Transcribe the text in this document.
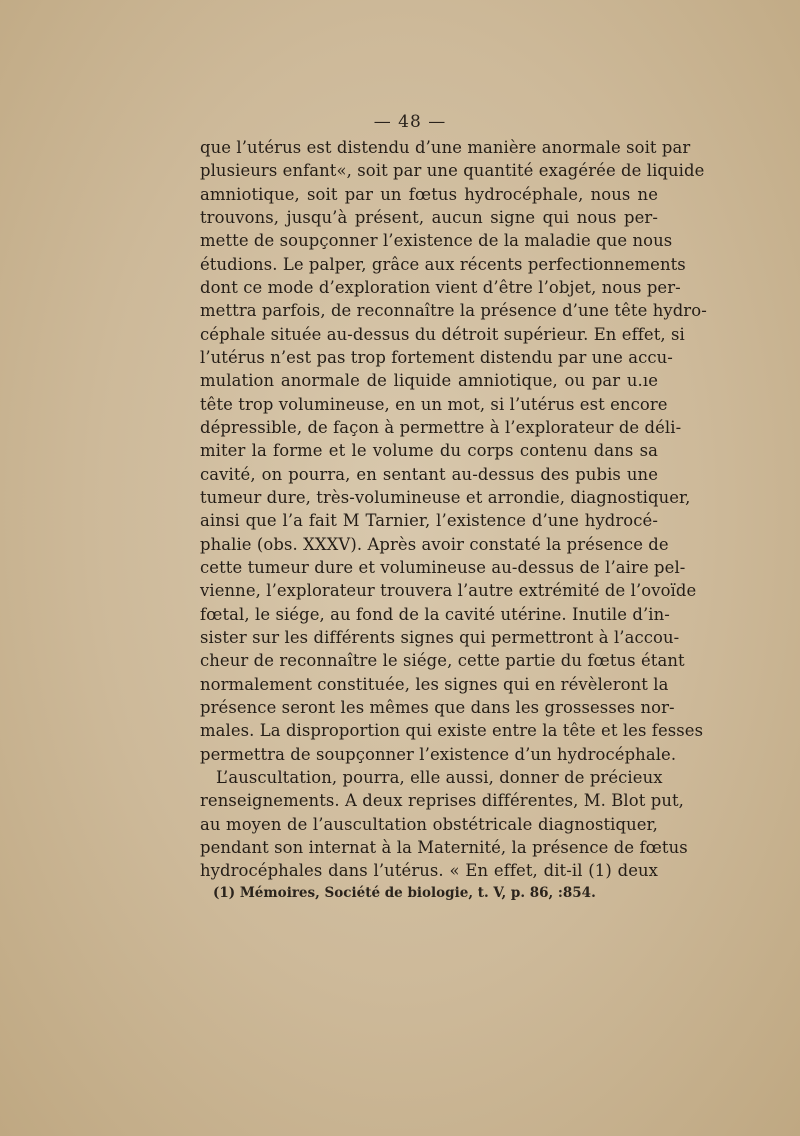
— 48 —
que l’utérus est distendu d’une manière anormale soit par
plusieurs enfant«, soit par une quantité exagérée de liquide
amniotique, soit par un fœtus hydrocéphale, nous ne
trouvons, jusqu’à présent, aucun signe qui nous per-
mette de soupçonner l’existence de la maladie que nous
étudions. Le palper, grâce aux récents perfectionnements
dont ce mode d’exploration vient d’être l’objet, nous per-
mettra parfois, de reconnaître la présence d’une tête hydro-
céphale située au-dessus du détroit supérieur. En effet, si
l’utérus n’est pas trop fortement distendu par une accu-
mulation anormale de liquide amniotique, ou par u.ıe
tête trop volumineuse, en un mot, si l’utérus est encore
dépressible, de façon à permettre à l’explorateur de déli-
miter la forme et le volume du corps contenu dans sa
cavité, on pourra, en sentant au-dessus des pubis une
tumeur dure, très-volumineuse et arrondie, diagnostiquer,
ainsi que l’a fait M Tarnier, l’existence d’une hydrocé-
phalie (obs. XXXV). Après avoir constaté la présence de
cette tumeur dure et volumineuse au-dessus de l’aire pel-
vienne, l’explorateur trouvera l’autre extrémité de l’ovoïde
fœtal, le siége, au fond de la cavité utérine. Inutile d’in-
sister sur les différents signes qui permettront à l’accou-
cheur de reconnaître le siége, cette partie du fœtus étant
normalement constituée, les signes qui en révèleront la
présence seront les mêmes que dans les grossesses nor-
males. La disproportion qui existe entre la tête et les fesses
permettra de soupçonner l’existence d’un hydrocéphale.
L’auscultation, pourra, elle aussi, donner de précieux
renseignements. A deux reprises différentes, M. Blot put,
au moyen de l’auscultation obstétricale diagnostiquer,
pendant son internat à la Maternité, la présence de fœtus
hydrocéphales dans l’utérus. « En effet, dit-il (1) deux
(1) Mémoires, Société de biologie, t. V, p. 86, :854.
